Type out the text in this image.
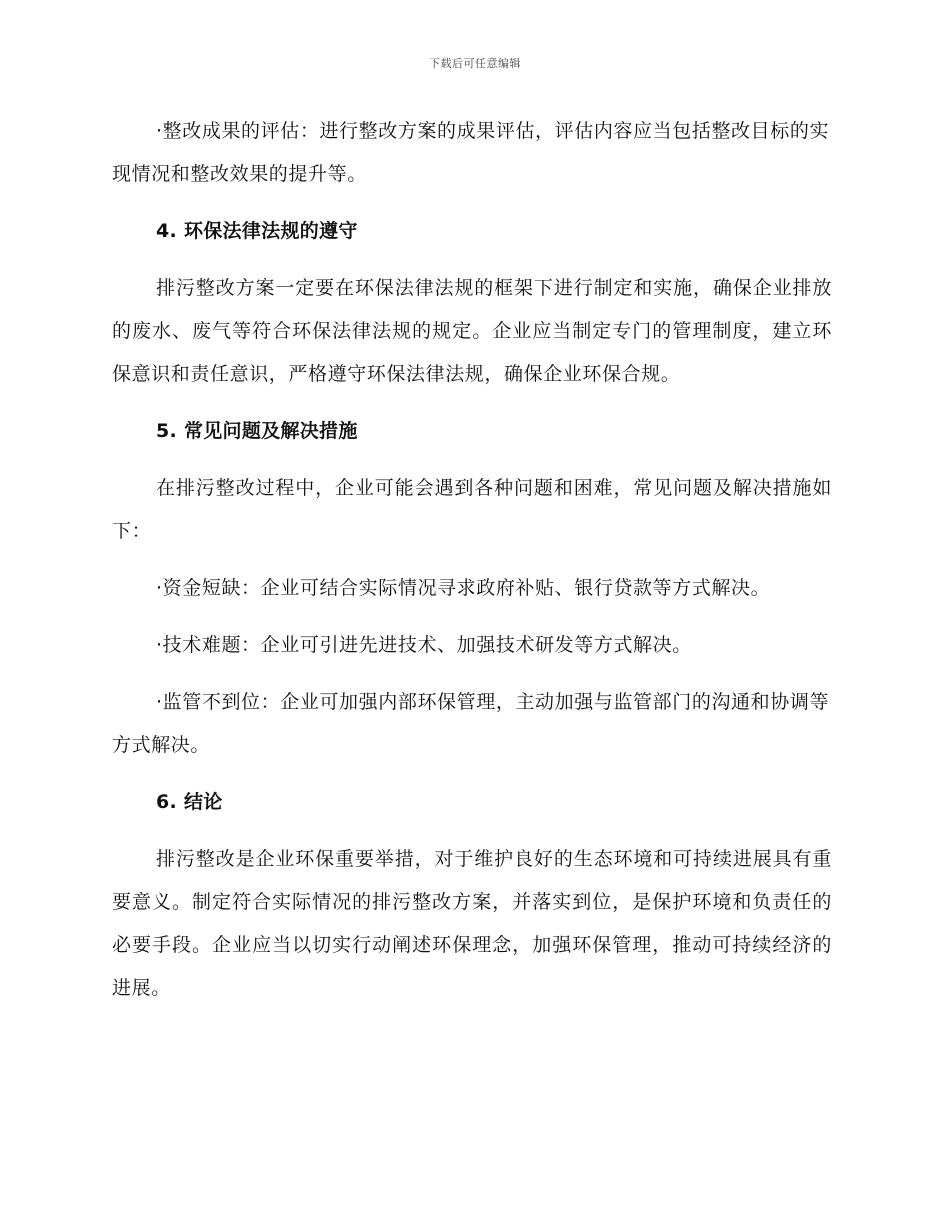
下载后可任意编辑

·整改成果的评估：进行整改方案的成果评估，评估内容应当包括整改目标的实现情况和整改效果的提升等。

4. 环保法律法规的遵守

排污整改方案一定要在环保法律法规的框架下进行制定和实施，确保企业排放的废水、废气等符合环保法律法规的规定。企业应当制定专门的管理制度，建立环保意识和责任意识，严格遵守环保法律法规，确保企业环保合规。

5. 常见问题及解决措施

在排污整改过程中，企业可能会遇到各种问题和困难，常见问题及解决措施如下：

·资金短缺：企业可结合实际情况寻求政府补贴、银行贷款等方式解决。

·技术难题：企业可引进先进技术、加强技术研发等方式解决。

·监管不到位：企业可加强内部环保管理，主动加强与监管部门的沟通和协调等方式解决。

6. 结论

排污整改是企业环保重要举措，对于维护良好的生态环境和可持续进展具有重要意义。制定符合实际情况的排污整改方案，并落实到位，是保护环境和负责任的必要手段。企业应当以切实行动阐述环保理念，加强环保管理，推动可持续经济的进展。
